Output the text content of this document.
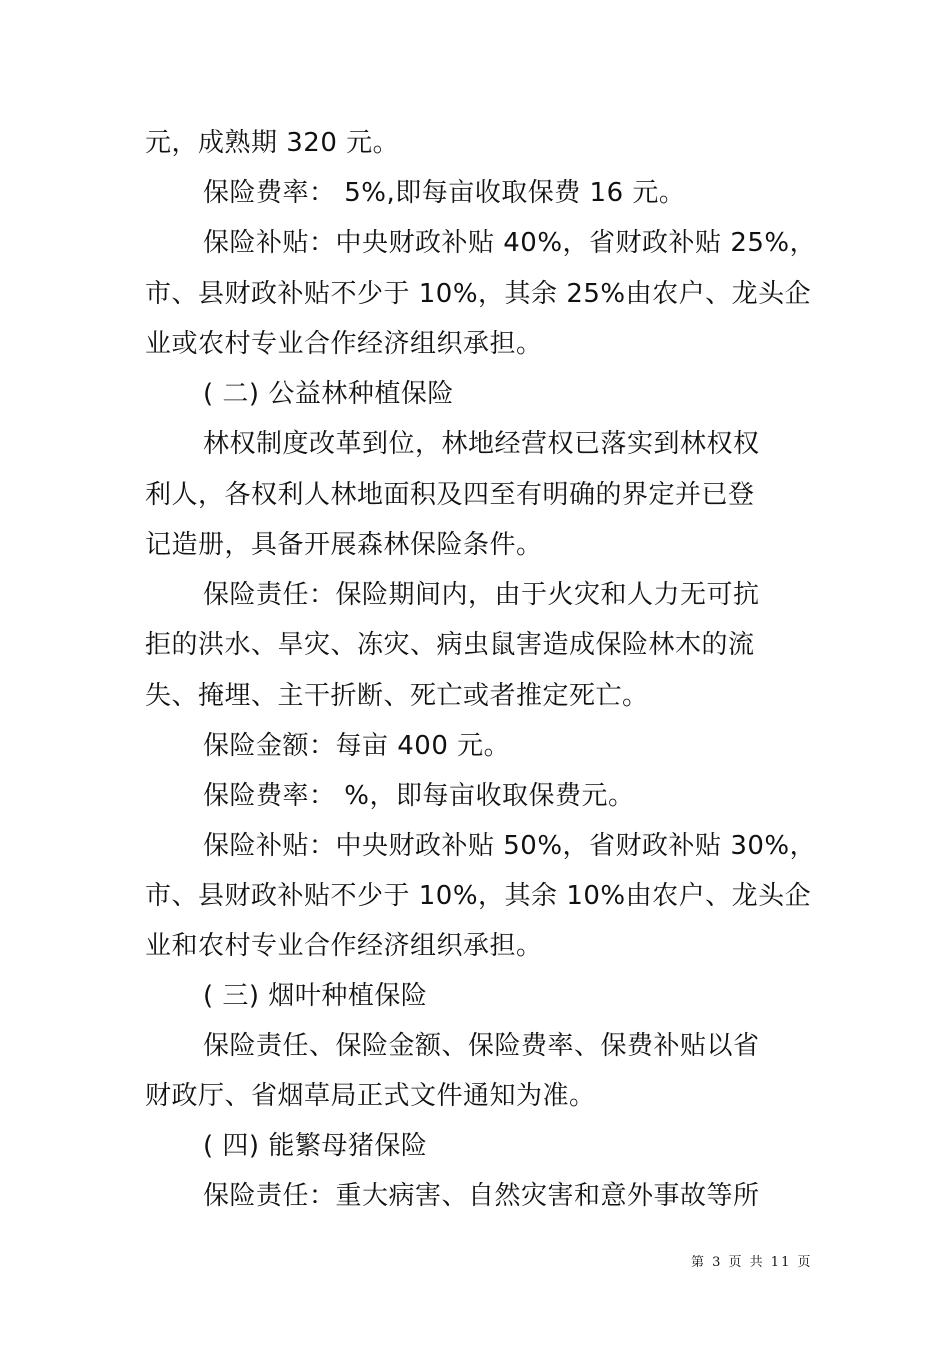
元，成熟期 320 元。
保险费率： 5%,即每亩收取保费 16 元。
保险补贴：中央财政补贴 40%，省财政补贴 25%，
市、县财政补贴不少于 10%，其余 25%由农户、龙头企
业或农村专业合作经济组织承担。
( 二) 公益林种植保险
林权制度改革到位，林地经营权已落实到林权权
利人，各权利人林地面积及四至有明确的界定并已登
记造册，具备开展森林保险条件。
保险责任：保险期间内，由于火灾和人力无可抗
拒的洪水、旱灾、冻灾、病虫鼠害造成保险林木的流
失、掩埋、主干折断、死亡或者推定死亡。
保险金额：每亩 400 元。
保险费率： %，即每亩收取保费元。
保险补贴：中央财政补贴 50%，省财政补贴 30%，
市、县财政补贴不少于 10%，其余 10%由农户、龙头企
业和农村专业合作经济组织承担。
( 三) 烟叶种植保险
保险责任、保险金额、保险费率、保费补贴以省
财政厅、省烟草局正式文件通知为准。
( 四) 能繁母猪保险
保险责任：重大病害、自然灾害和意外事故等所
第 3 页 共 11 页
